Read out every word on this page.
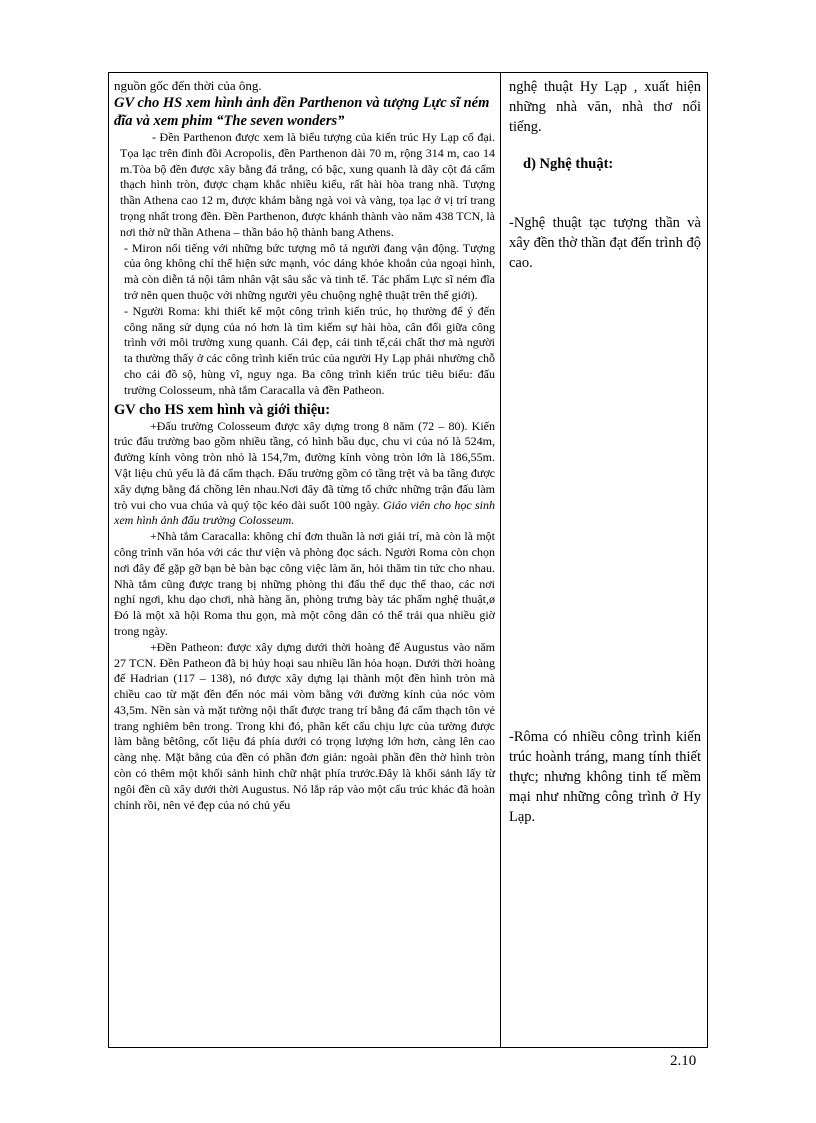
nguồn gốc đến thời của ông.

GV cho HS xem hình ảnh đền Parthenon và tượng Lực sĩ ném đĩa và xem phim “The seven wonders”

- Đền Parthenon được xem là biểu tượng của kiến trúc Hy Lạp cổ đại. Tọa lạc trên đỉnh đồi Acropolis, đền Parthenon dài 70 m, rộng 314 m, cao 14 m.Tòa bộ đền được xây bằng đá trắng, có bậc, xung quanh là dãy cột đá cẩm thạch hình tròn, được chạm khắc nhiều kiểu, rất hài hòa trang nhã. Tượng thần Athena cao 12 m, được khảm bằng ngà voi và vàng, tọa lạc ở vị trí trang trọng nhất trong đền. Đền Parthenon, được khánh thành vào năm 438 TCN, là nơi thờ nữ thần Athena – thần bảo hộ thành bang Athens.

- Miron nổi tiếng với những bức tượng mô tả người đang vận động. Tượng của ông không chỉ thể hiện sức mạnh, vóc dáng khỏe khoắn của ngoại hình, mà còn diễn tả nội tâm nhân vật sâu sắc và tinh tế. Tác phẩm Lực sĩ ném đĩa trở nên quen thuộc với những người yêu chuộng nghệ thuật trên thế giới).

- Người Roma: khi thiết kế một công trình kiến trúc, họ thường để ý đến công năng sử dụng của nó hơn là tìm kiếm sự hài hòa, cân đối giữa công trình với môi trường xung quanh. Cái đẹp, cái tinh tế,cái chất thơ mà người ta thường thấy ở các công trình kiến trúc của người Hy Lạp phải nhường chỗ cho cái đồ sộ, hùng vĩ, nguy nga. Ba công trình kiến trúc tiêu biểu: đấu trường Colosseum, nhà tắm Caracalla và đền Patheon.

GV cho HS xem hình và giới thiệu:

+Đấu trường Colosseum được xây dựng trong 8 năm (72 – 80). Kiến trúc đấu trường bao gồm nhiều tầng, có hình bầu dục, chu vi của nó là 524m, đường kính vòng tròn nhỏ là 154,7m, đường kính vòng tròn lớn là 186,55m. Vật liệu chủ yếu là đá cẩm thạch. Đấu trường gồm có tầng trệt và ba tầng được xây dựng bằng đá chồng lên nhau.Nơi đây đã từng tổ chức những trận đấu làm trò vui cho vua chúa và quý tộc kéo dài suốt 100 ngày. Giáo viên cho học sinh xem hình ảnh đấu trường Colosseum.

+Nhà tắm Caracalla: không chỉ đơn thuần là nơi giải trí, mà còn là một công trình văn hóa với các thư viện và phòng đọc sách. Người Roma còn chọn nơi đây để gặp gỡ bạn bè bàn bạc công việc làm ăn, hỏi thăm tin tức cho nhau. Nhà tắm cũng được trang bị những phòng thi đấu thể dục thể thao, các nơi nghỉ ngơi, khu dạo chơi, nhà hàng ăn, phòng trưng bày tác phẩm nghệ thuật,ø Đó là một xã hội Roma thu gọn, mà một công dân có thể trải qua nhiều giờ trong ngày.

+Đền Patheon: được xây dựng dưới thời hoàng đế Augustus vào năm 27 TCN. Đền Patheon đã bị hủy hoại sau nhiều lần hỏa hoạn. Dưới thời hoàng đế Hadrian (117 – 138), nó được xây dựng lại thành một đền hình tròn mà chiều cao từ mặt đền đến nóc mái vòm bằng với đường kính của nóc vòm 43,5m. Nền sàn và mặt tường nội thất được trang trí bằng đá cẩm thạch tôn vẻ trang nghiêm bên trong. Trong khi đó, phần kết cấu chịu lực của tường được làm bằng bêtông, cốt liệu đá phía dưới có trọng lượng lớn hơn, càng lên cao càng nhẹ. Mặt bằng của đền có phần đơn giản: ngoài phần đền thờ hình tròn còn có thêm một khối sảnh hình chữ nhật phía trước.Đây là khối sảnh lấy từ ngôi đền cũ xây dưới thời Augustus. Nó lắp ráp vào một cấu trúc khác đã hoàn chỉnh rồi, nên vẻ đẹp của nó chủ yếu

nghệ thuật Hy Lạp , xuất hiện những nhà văn, nhà thơ nổi tiếng.

d) Nghệ thuật:

-Nghệ thuật tạc tượng thần và xây đền thờ thần đạt đến trình độ cao.

-Rôma có nhiều công trình kiến trúc hoành tráng, mang tính thiết thực; nhưng không tinh tế mềm mại như những công trình ở Hy Lạp.

2.10
